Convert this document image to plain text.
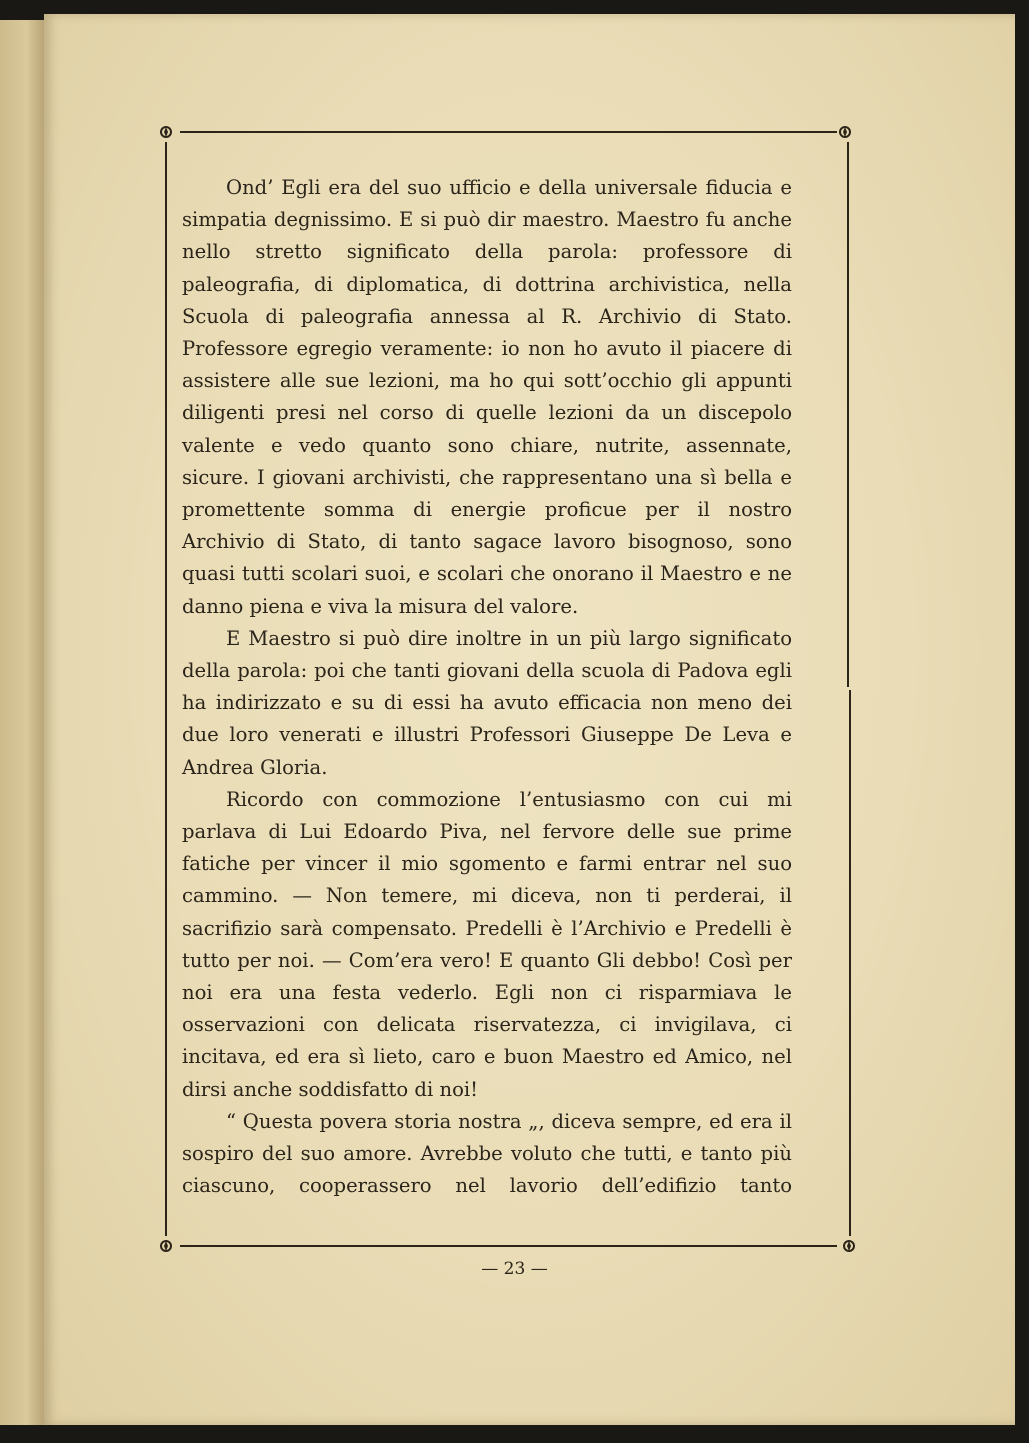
Ond’ Egli era del suo ufficio e della universale fiducia e simpatia degnissimo. E si può dir maestro. Maestro fu anche nello stretto significato della parola: professore di paleografia, di diplomatica, di dottrina archivistica, nella Scuola di paleografia annessa al R. Archivio di Stato. Professore egregio veramente: io non ho avuto il piacere di assistere alle sue lezioni, ma ho qui sott’occhio gli appunti diligenti presi nel corso di quelle lezioni da un discepolo valente e vedo quanto sono chiare, nutrite, assennate, sicure. I giovani archivisti, che rappresentano una sì bella e promettente somma di energie proficue per il nostro Archivio di Stato, di tanto sagace lavoro bisognoso, sono quasi tutti scolari suoi, e scolari che onorano il Maestro e ne danno piena e viva la misura del valore.

E Maestro si può dire inoltre in un più largo significato della parola: poi che tanti giovani della scuola di Padova egli ha indirizzato e su di essi ha avuto efficacia non meno dei due loro venerati e illustri Professori Giuseppe De Leva e Andrea Gloria.

Ricordo con commozione l’entusiasmo con cui mi parlava di Lui Edoardo Piva, nel fervore delle sue prime fatiche per vincer il mio sgomento e farmi entrar nel suo cammino. — Non temere, mi diceva, non ti perderai, il sacrifizio sarà compensato. Predelli è l’Archivio e Predelli è tutto per noi. — Com’era vero! E quanto Gli debbo! Così per noi era una festa vederlo. Egli non ci risparmiava le osservazioni con delicata riservatezza, ci invigilava, ci incitava, ed era sì lieto, caro e buon Maestro ed Amico, nel dirsi anche soddisfatto di noi!

“ Questa povera storia nostra „, diceva sempre, ed era il sospiro del suo amore. Avrebbe voluto che tutti, e tanto più ciascuno, cooperassero nel lavorio dell’edifizio tanto

— 23 —
